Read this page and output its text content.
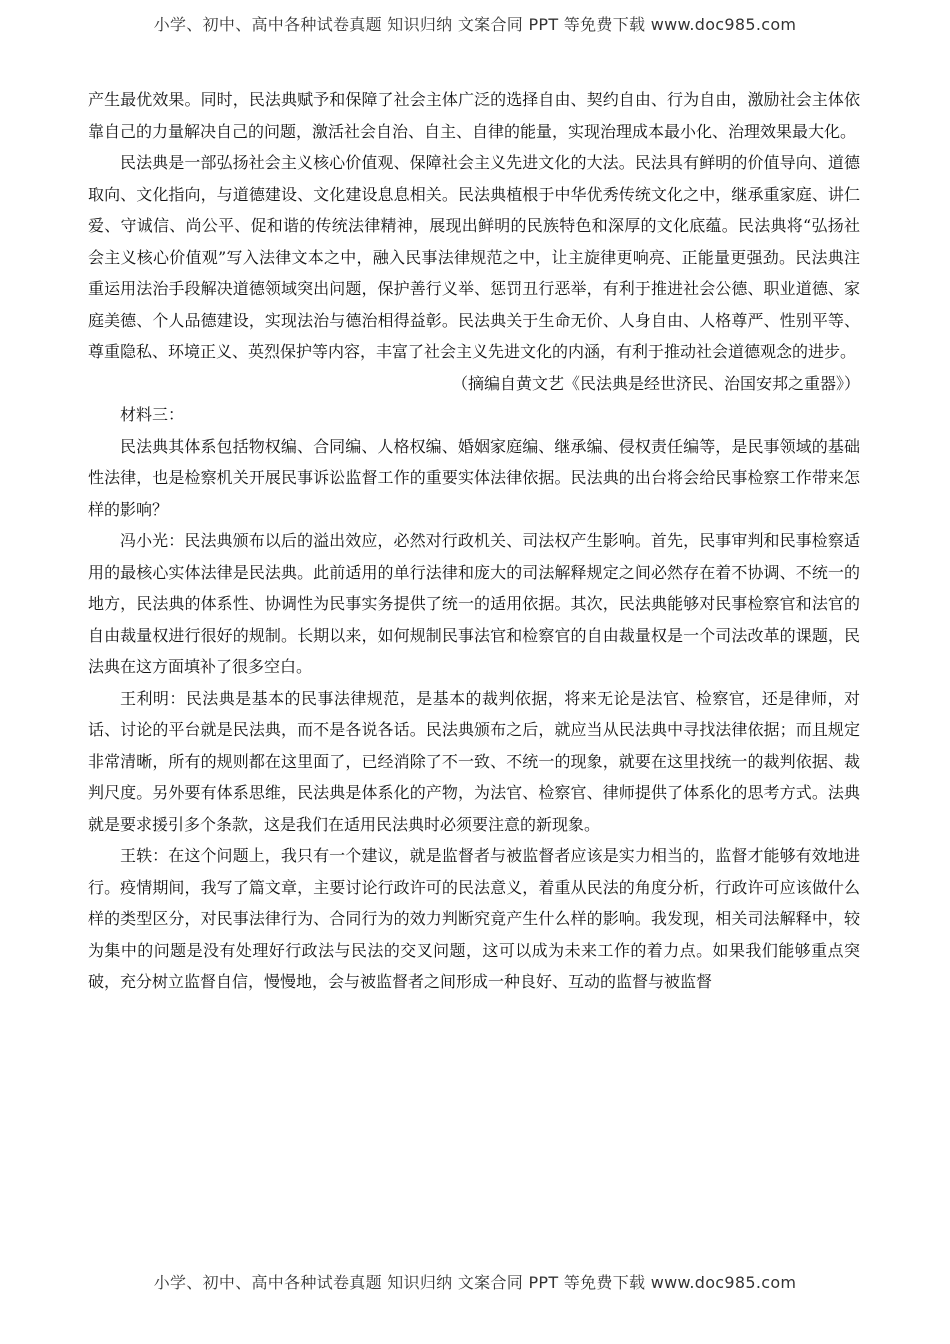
小学、初中、高中各种试卷真题 知识归纳 文案合同 PPT 等免费下载 www.doc985.com

产生最优效果。同时，民法典赋予和保障了社会主体广泛的选择自由、契约自由、行为自由，激励社会主体依靠自己的力量解决自己的问题，激活社会自治、自主、自律的能量，实现治理成本最小化、治理效果最大化。

民法典是一部弘扬社会主义核心价值观、保障社会主义先进文化的大法。民法具有鲜明的价值导向、道德取向、文化指向，与道德建设、文化建设息息相关。民法典植根于中华优秀传统文化之中，继承重家庭、讲仁爱、守诚信、尚公平、促和谐的传统法律精神，展现出鲜明的民族特色和深厚的文化底蕴。民法典将“弘扬社会主义核心价值观”写入法律文本之中，融入民事法律规范之中，让主旋律更响亮、正能量更强劲。民法典注重运用法治手段解决道德领域突出问题，保护善行义举、惩罚丑行恶举，有利于推进社会公德、职业道德、家庭美德、个人品德建设，实现法治与德治相得益彰。民法典关于生命无价、人身自由、人格尊严、性别平等、尊重隐私、环境正义、英烈保护等内容，丰富了社会主义先进文化的内涵，有利于推动社会道德观念的进步。

（摘编自黄文艺《民法典是经世济民、治国安邦之重器》）

材料三：

民法典其体系包括物权编、合同编、人格权编、婚姻家庭编、继承编、侵权责任编等，是民事领域的基础性法律，也是检察机关开展民事诉讼监督工作的重要实体法律依据。民法典的出台将会给民事检察工作带来怎样的影响？

冯小光：民法典颁布以后的溢出效应，必然对行政机关、司法权产生影响。首先，民事审判和民事检察适用的最核心实体法律是民法典。此前适用的单行法律和庞大的司法解释规定之间必然存在着不协调、不统一的地方，民法典的体系性、协调性为民事实务提供了统一的适用依据。其次，民法典能够对民事检察官和法官的自由裁量权进行很好的规制。长期以来，如何规制民事法官和检察官的自由裁量权是一个司法改革的课题，民法典在这方面填补了很多空白。

王利明：民法典是基本的民事法律规范，是基本的裁判依据，将来无论是法官、检察官，还是律师，对话、讨论的平台就是民法典，而不是各说各话。民法典颁布之后，就应当从民法典中寻找法律依据；而且规定非常清晰，所有的规则都在这里面了，已经消除了不一致、不统一的现象，就要在这里找统一的裁判依据、裁判尺度。另外要有体系思维，民法典是体系化的产物，为法官、检察官、律师提供了体系化的思考方式。法典就是要求援引多个条款，这是我们在适用民法典时必须要注意的新现象。

王轶：在这个问题上，我只有一个建议，就是监督者与被监督者应该是实力相当的，监督才能够有效地进行。疫情期间，我写了篇文章，主要讨论行政许可的民法意义，着重从民法的角度分析，行政许可应该做什么样的类型区分，对民事法律行为、合同行为的效力判断究竟产生什么样的影响。我发现，相关司法解释中，较为集中的问题是没有处理好行政法与民法的交叉问题，这可以成为未来工作的着力点。如果我们能够重点突破，充分树立监督自信，慢慢地，会与被监督者之间形成一种良好、互动的监督与被监督

小学、初中、高中各种试卷真题 知识归纳 文案合同 PPT 等免费下载 www.doc985.com
